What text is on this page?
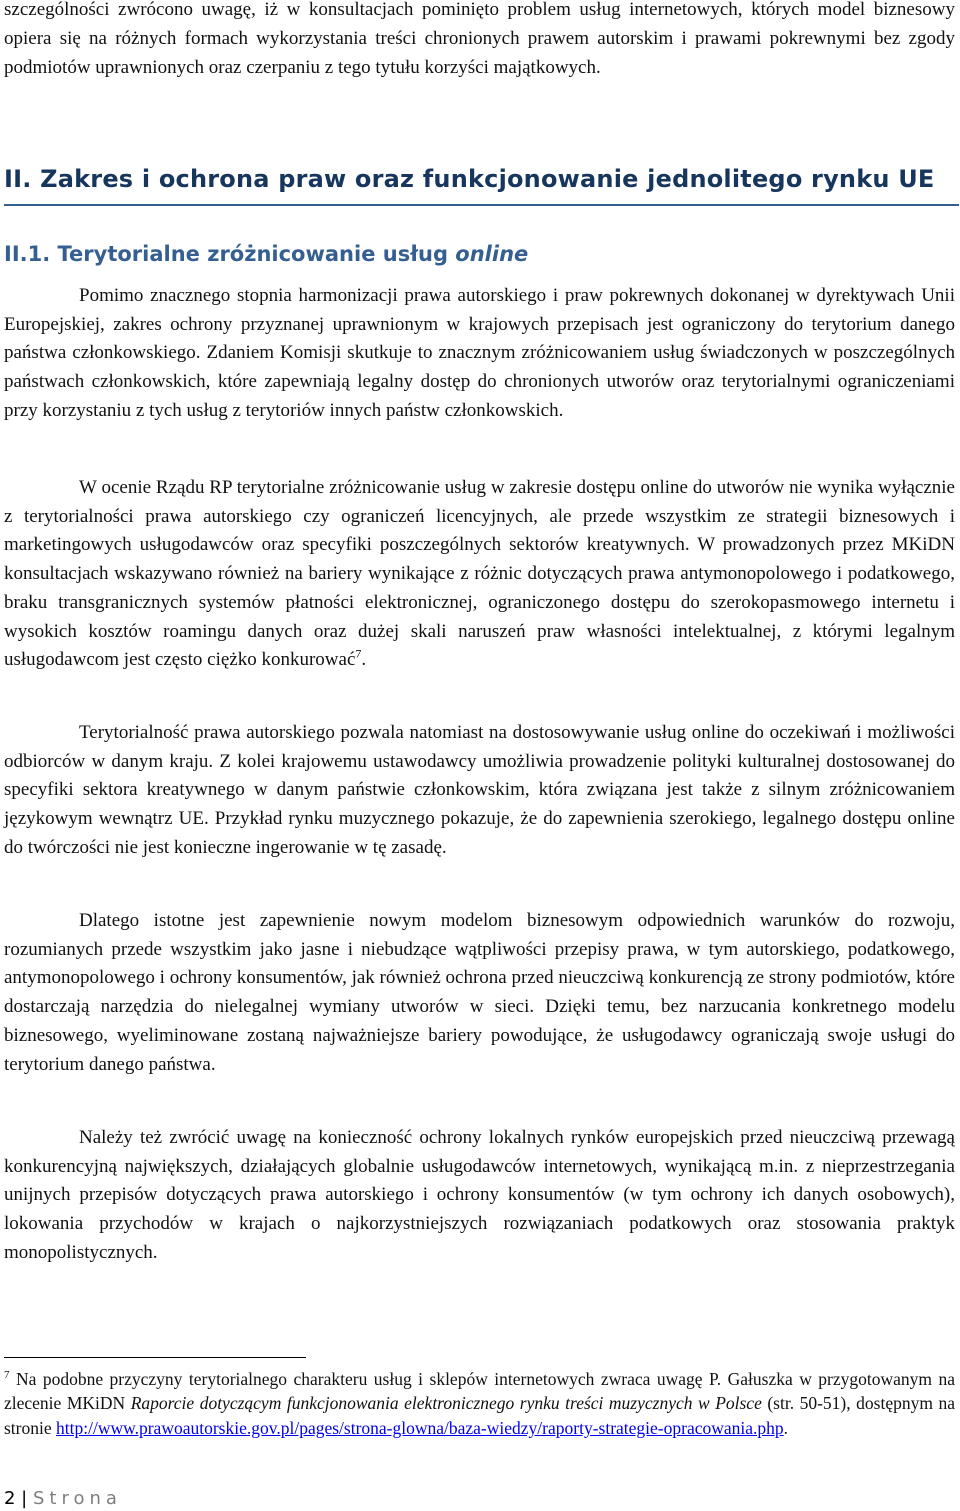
szczególności zwrócono uwagę, iż w konsultacjach pominięto problem usług internetowych, których model biznesowy opiera się na różnych formach wykorzystania treści chronionych prawem autorskim i prawami pokrewnymi bez zgody podmiotów uprawnionych oraz czerpaniu z tego tytułu korzyści majątkowych.

II. Zakres i ochrona praw oraz funkcjonowanie jednolitego rynku UE
II.1. Terytorialne zróżnicowanie usług online

Pomimo znacznego stopnia harmonizacji prawa autorskiego i praw pokrewnych dokonanej w dyrektywach Unii Europejskiej, zakres ochrony przyznanej uprawnionym w krajowych przepisach jest ograniczony do terytorium danego państwa członkowskiego. Zdaniem Komisji skutkuje to znacznym zróżnicowaniem usług świadczonych w poszczególnych państwach członkowskich, które zapewniają legalny dostęp do chronionych utworów oraz terytorialnymi ograniczeniami przy korzystaniu z tych usług z terytoriów innych państw członkowskich.

W ocenie Rządu RP terytorialne zróżnicowanie usług w zakresie dostępu online do utworów nie wynika wyłącznie z terytorialności prawa autorskiego czy ograniczeń licencyjnych, ale przede wszystkim ze strategii biznesowych i marketingowych usługodawców oraz specyfiki poszczególnych sektorów kreatywnych. W prowadzonych przez MKiDN konsultacjach wskazywano również na bariery wynikające z różnic dotyczących prawa antymonopolowego i podatkowego, braku transgranicznych systemów płatności elektronicznej, ograniczonego dostępu do szerokopasmowego internetu i wysokich kosztów roamingu danych oraz dużej skali naruszeń praw własności intelektualnej, z którymi legalnym usługodawcom jest często ciężko konkurować$^7$.

Terytorialność prawa autorskiego pozwala natomiast na dostosowywanie usług online do oczekiwań i możliwości odbiorców w danym kraju. Z kolei krajowemu ustawodawcy umożliwia prowadzenie polityki kulturalnej dostosowanej do specyfiki sektora kreatywnego w danym państwie członkowskim, która związana jest także z silnym zróżnicowaniem językowym wewnątrz UE. Przykład rynku muzycznego pokazuje, że do zapewnienia szerokiego, legalnego dostępu online do twórczości nie jest konieczne ingerowanie w tę zasadę.

Dlatego istotne jest zapewnienie nowym modelom biznesowym odpowiednich warunków do rozwoju, rozumianych przede wszystkim jako jasne i niebudzące wątpliwości przepisy prawa, w tym autorskiego, podatkowego, antymonopolowego i ochrony konsumentów, jak również ochrona przed nieuczciwą konkurencją ze strony podmiotów, które dostarczają narzędzia do nielegalnej wymiany utworów w sieci. Dzięki temu, bez narzucania konkretnego modelu biznesowego, wyeliminowane zostaną najważniejsze bariery powodujące, że usługodawcy ograniczają swoje usługi do terytorium danego państwa.

Należy też zwrócić uwagę na konieczność ochrony lokalnych rynków europejskich przed nieuczciwą przewagą konkurencyjną największych, działających globalnie usługodawców internetowych, wynikającą m.in. z nieprzestrzegania unijnych przepisów dotyczących prawa autorskiego i ochrony konsumentów (w tym ochrony ich danych osobowych), lokowania przychodów w krajach o najkorzystniejszych rozwiązaniach podatkowych oraz stosowania praktyk monopolistycznych.

$^7$ Na podobne przyczyny terytorialnego charakteru usług i sklepów internetowych zwraca uwagę P. Gałuszka w przygotowanym na zlecenie MKiDN Raporcie dotyczącym funkcjonowania elektronicznego rynku treści muzycznych w Polsce (str. 50-51), dostępnym na stronie http://www.prawoautorskie.gov.pl/pages/strona-glowna/baza-wiedzy/raporty-strategie-opracowania.php.

2 | Strona
